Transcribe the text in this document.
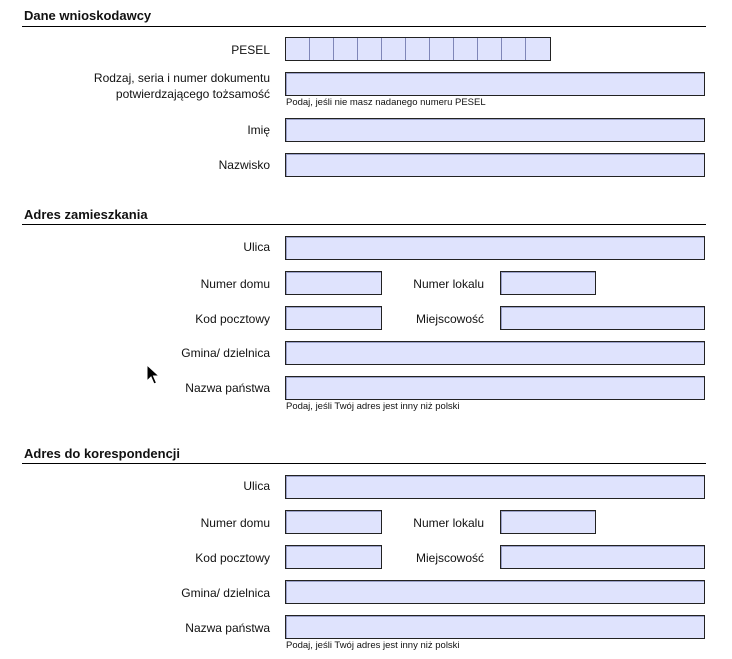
Dane wnioskodawcy
PESEL
Rodzaj, seria i numer dokumentu
potwierdzającego tożsamość
Podaj, jeśli nie masz nadanego numeru PESEL
Imię
Nazwisko
Adres zamieszkania
Ulica
Numer domu	Numer lokalu
Kod pocztowy	Miejscowość
Gmina/ dzielnica
Nazwa państwa
Podaj, jeśli Twój adres jest inny niż polski
Adres do korespondencji
Ulica
Numer domu	Numer lokalu
Kod pocztowy	Miejscowość
Gmina/ dzielnica
Nazwa państwa
Podaj, jeśli Twój adres jest inny niż polski
